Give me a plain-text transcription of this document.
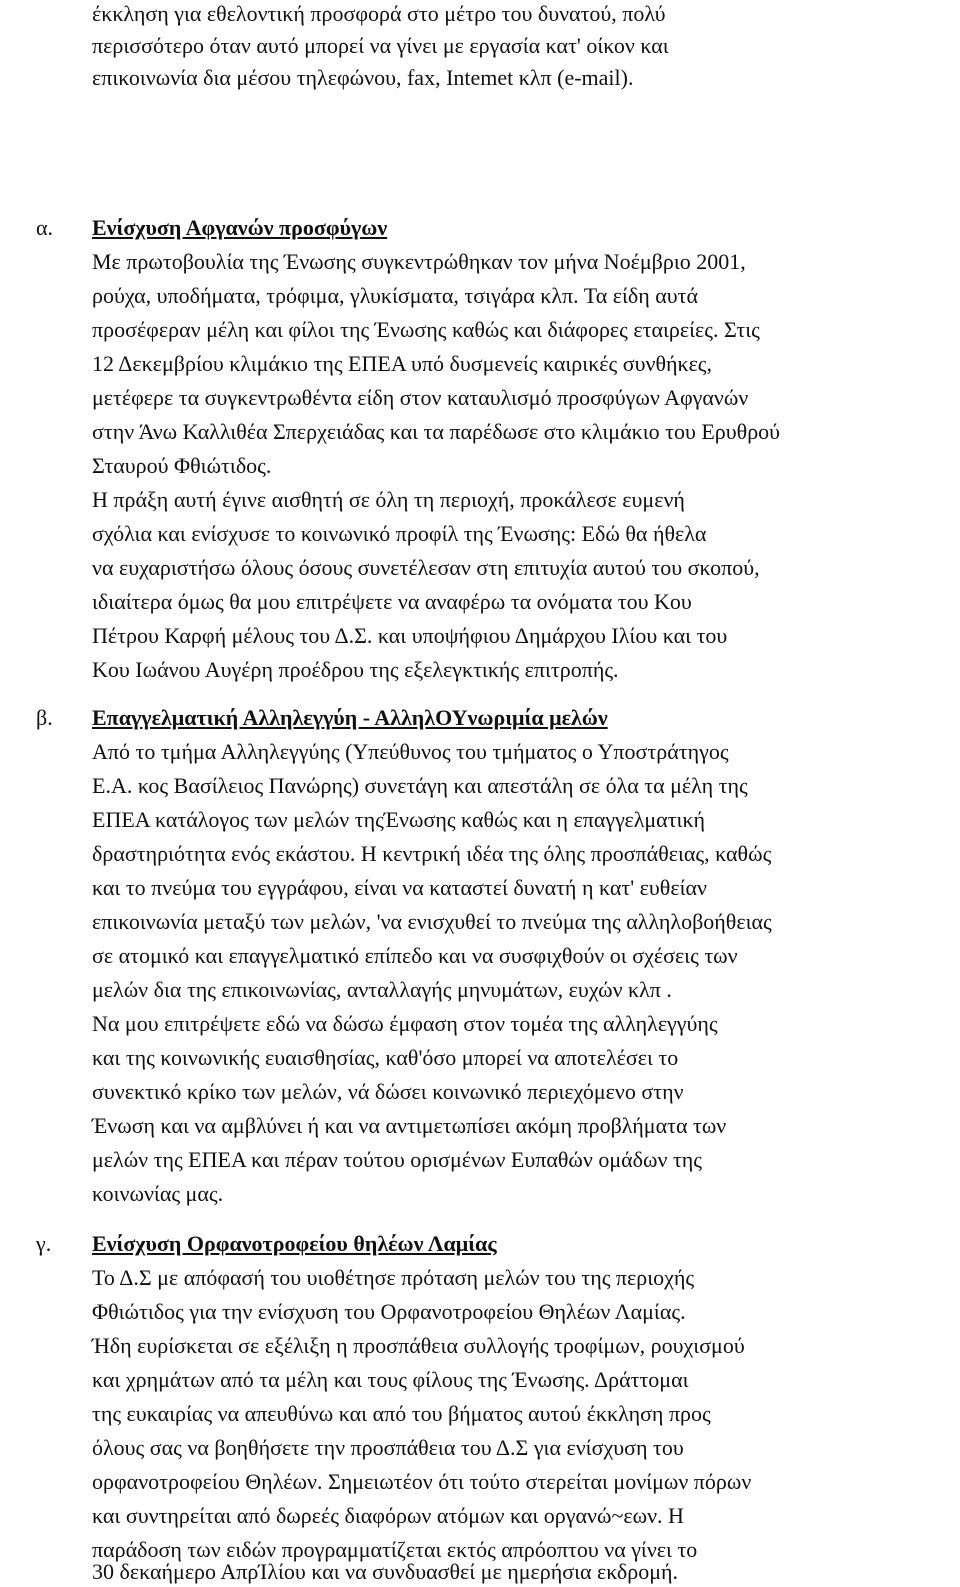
έκκληση για εθελοντική προσφορά στο μέτρο του δυνατού, πολύ
περισσότερο όταν αυτό μπορεί να γίνει με εργασία κατ' οίκον και
επικοινωνία δια μέσου τηλεφώνου, fax, Intemet κλπ (e-mail).
α. Ενίσχυση Αφγανών προσφύγων
Με πρωτοβουλία της Ένωσης συγκεντρώθηκαν τον μήνα Νοέμβριο 2001,
ρούχα, υποδήματα, τρόφιμα, γλυκίσματα, τσιγάρα κλπ. Τα είδη αυτά
προσέφεραν μέλη και φίλοι της Ένωσης καθώς και διάφορες εταιρείες. Στις
12 Δεκεμβρίου κλιμάκιο της ΕΠΕΑ υπό δυσμενείς καιρικές συνθήκες,
μετέφερε τα συγκεντρωθέντα είδη στον καταυλισμό προσφύγων Αφγανών
στην Άνω Καλλιθέα Σπερχειάδας και τα παρέδωσε στο κλιμάκιο του Ερυθρού
Σταυρού Φθιώτιδος.
Η πράξη αυτή έγινε αισθητή σε όλη τη περιοχή, προκάλεσε ευμενή
σχόλια και ενίσχυσε το κοινωνικό προφίλ της Ένωσης: Εδώ θα ήθελα
να ευχαριστήσω όλους όσους συνετέλεσαν στη επιτυχία αυτού του σκοπού,
ιδιαίτερα όμως θα μου επιτρέψετε να αναφέρω τα ονόματα του Κου
Πέτρου Καρφή μέλους του Δ.Σ. και υποψήφιου Δημάρχου Ιλίου και του
Κου Ιωάνου Αυγέρη προέδρου της εξελεγκτικής επιτροπής.
β. Επαγγελματική Αλληλεγγύη - ΑλληλΟΥνωριμία μελών
Από το τμήμα Αλληλεγγύης (Υπεύθυνος του τμήματος ο Υποστράτηγος
Ε.Α. κος Βασίλειος Πανώρης) συνετάγη και απεστάλη σε όλα τα μέλη της
ΕΠΕΑ κατάλογος των μελών τηςΈνωσης καθώς και η επαγγελματική
δραστηριότητα ενός εκάστου. Η κεντρική ιδέα της όλης προσπάθειας, καθώς
και το πνεύμα του εγγράφου, είναι να καταστεί δυνατή η κατ' ευθείαν
επικοινωνία μεταξύ των μελών, 'να ενισχυθεί το πνεύμα της αλληλοβοήθειας
σε ατομικό και επαγγελματικό επίπεδο και να συσφιχθούν οι σχέσεις των
μελών δια της επικοινωνίας, ανταλλαγής μηνυμάτων, ευχών κλπ .
Να μου επιτρέψετε εδώ να δώσω έμφαση στον τομέα της αλληλεγγύης
και της κοινωνικής ευαισθησίας, καθ'όσο μπορεί να αποτελέσει το
συνεκτικό κρίκο των μελών, νά δώσει κοινωνικό περιεχόμενο στην
Ένωση και να αμβλύνει ή και να αντιμετωπίσει ακόμη προβλήματα των
μελών της ΕΠΕΑ και πέραν τούτου ορισμένων Ευπαθών ομάδων της
κοινωνίας μας.
γ. Ενίσχυση Ορφανοτροφείου θηλέων Λαμίας
Το Δ.Σ με απόφασή του υιοθέτησε πρόταση μελών του της περιοχής
Φθιώτιδος για την ενίσχυση του Ορφανοτροφείου Θηλέων Λαμίας.
Ήδη ευρίσκεται σε εξέλιξη η προσπάθεια συλλογής τροφίμων, ρουχισμού
και χρημάτων από τα μέλη και τους φίλους της Ένωσης. Δράττομαι
της ευκαιρίας να απευθύνω και από του βήματος αυτού έκκληση προς
όλους σας να βοηθήσετε την προσπάθεια του Δ.Σ για ενίσχυση του
ορφανοτροφείου Θηλέων. Σημειωτέον ότι τούτο στερείται μονίμων πόρων
και συντηρείται από δωρεές διαφόρων ατόμων και οργανώ~εων. Η
παράδοση των ειδών προγραμματίζεται εκτός απρόοπτου να γίνει το
30 δεκαήμερο ΑπρΊλίου και να συνδυασθεί με ημερήσια εκδρομή.
